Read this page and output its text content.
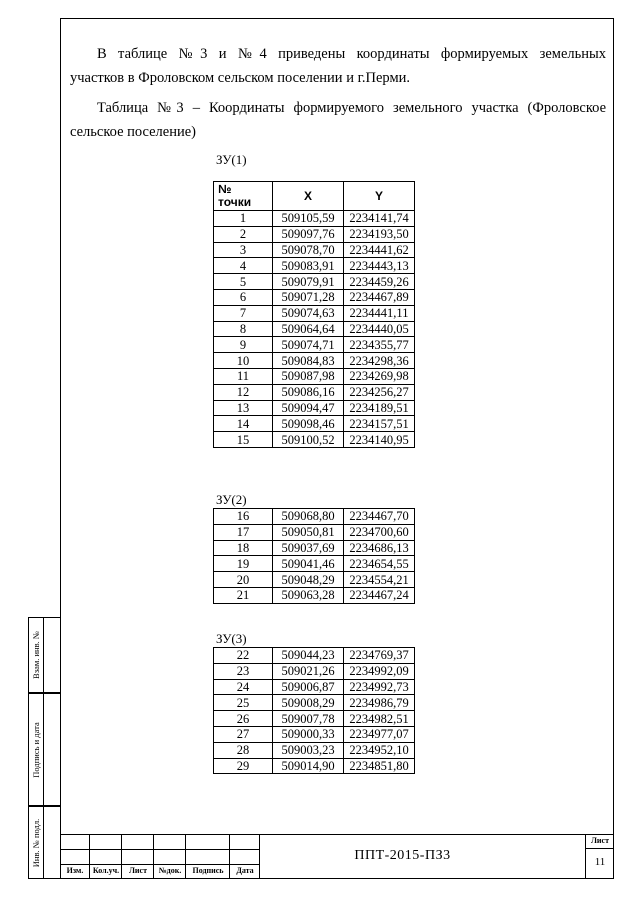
В таблице №3 и №4 приведены координаты формируемых земельных

участков в Фроловском сельском поселении и г.Перми.

Таблица №3 – Координаты формируемого земельного участка (Фроловское

сельское поселение)

ЗУ(1)
№
точки	X	Y
1	509105,59	2234141,74
2	509097,76	2234193,50
3	509078,70	2234441,62
4	509083,91	2234443,13
5	509079,91	2234459,26
6	509071,28	2234467,89
7	509074,63	2234441,11
8	509064,64	2234440,05
9	509074,71	2234355,77
10	509084,83	2234298,36
11	509087,98	2234269,98
12	509086,16	2234256,27
13	509094,47	2234189,51
14	509098,46	2234157,51
15	509100,52	2234140,95
ЗУ(2)
16	509068,80	2234467,70
17	509050,81	2234700,60
18	509037,69	2234686,13
19	509041,46	2234654,55
20	509048,29	2234554,21
21	509063,28	2234467,24
ЗУ(3)
22	509044,23	2234769,37
23	509021,26	2234992,09
24	509006,87	2234992,73
25	509008,29	2234986,79
26	509007,78	2234982,51
27	509000,33	2234977,07
28	509003,23	2234952,10
29	509014,90	2234851,80
Взам. инв. №
Подпись и дата
Инв. № подл.
Изм.	Кол.уч.	Лист	№док.	Подпись	Дата
ППТ-2015-ПЗ3
Лист
11
